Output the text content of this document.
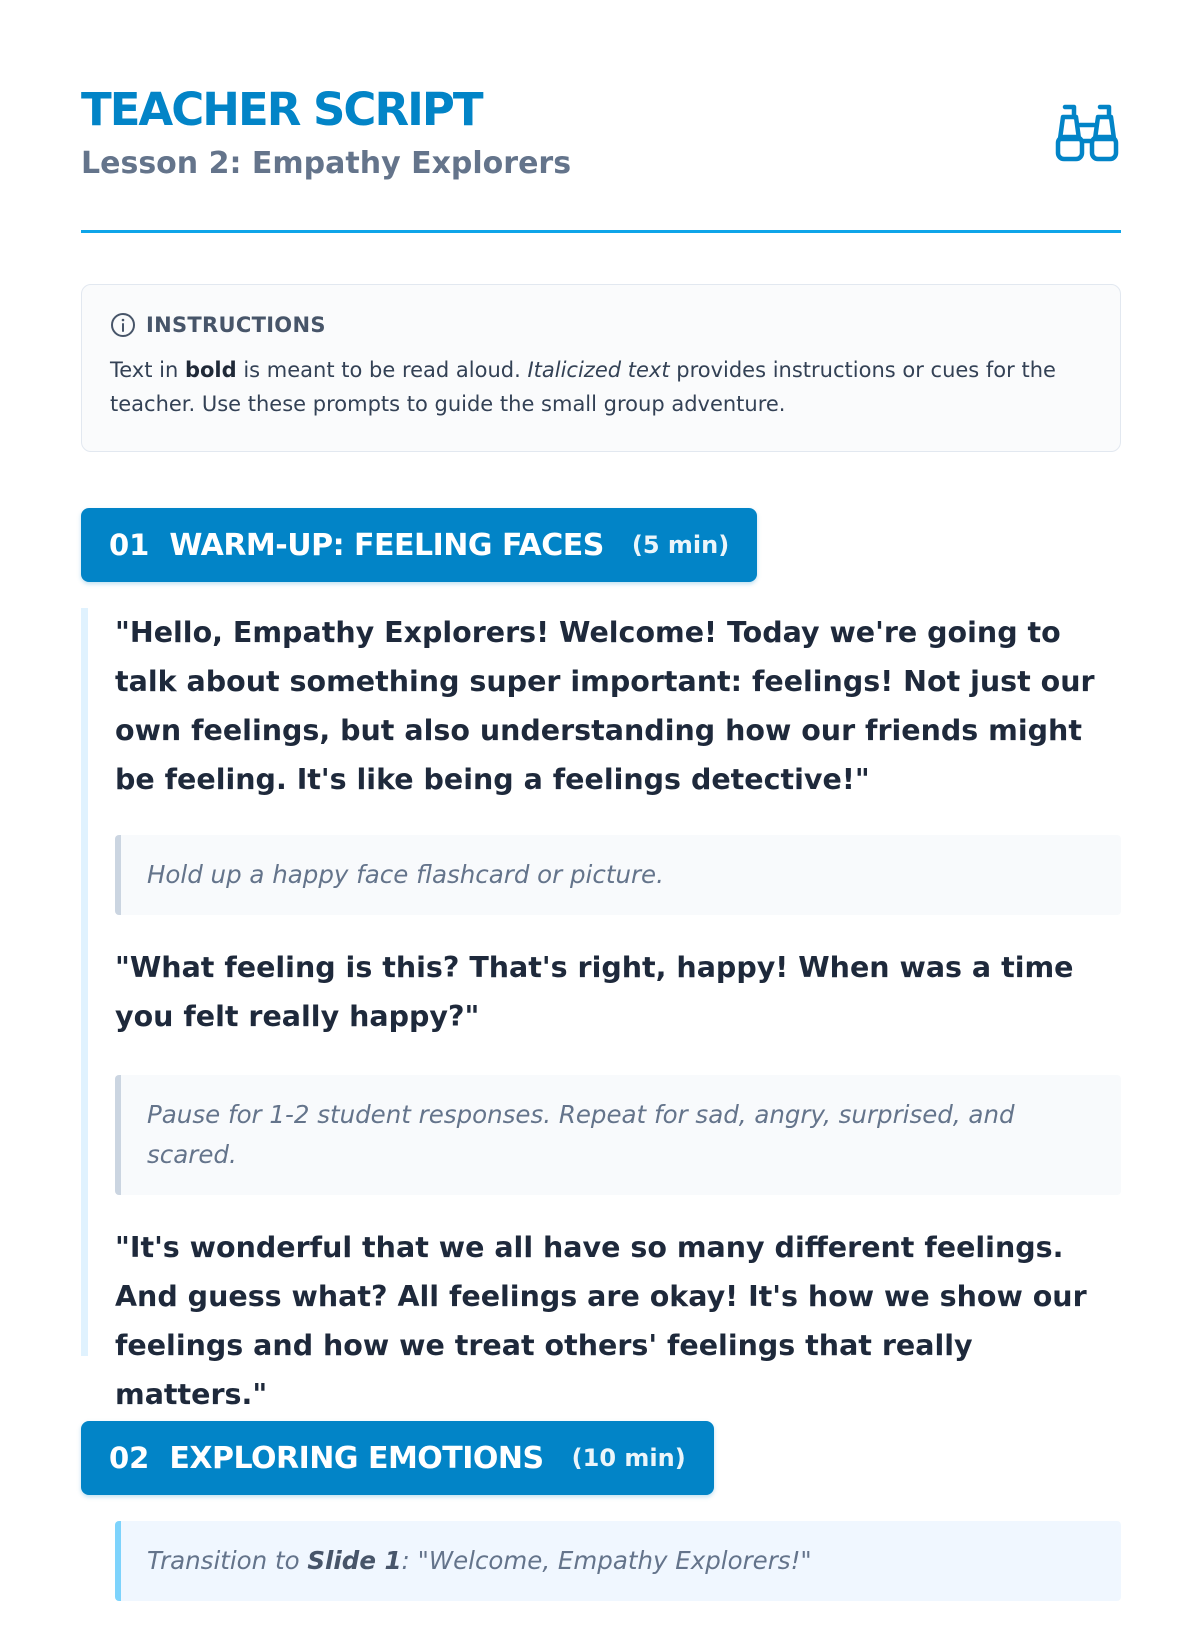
TEACHER SCRIPT
Lesson 2: Empathy Explorers
INSTRUCTIONS
Text in bold is meant to be read aloud. Italicized text provides instructions or cues for the teacher. Use these prompts to guide the small group adventure.
01 WARM-UP: FEELING FACES (5 min)

"Hello, Empathy Explorers! Welcome! Today we're going to talk about something super important: feelings! Not just our own feelings, but also understanding how our friends might be feeling. It's like being a feelings detective!"

Hold up a happy face flashcard or picture.

"What feeling is this? That's right, happy! When was a time you felt really happy?"

Pause for 1-2 student responses. Repeat for sad, angry, surprised, and scared.

"It's wonderful that we all have so many different feelings. And guess what? All feelings are okay! It's how we show our feelings and how we treat others' feelings that really matters."

02 EXPLORING EMOTIONS (10 min)

Transition to Slide 1: "Welcome, Empathy Explorers!"
